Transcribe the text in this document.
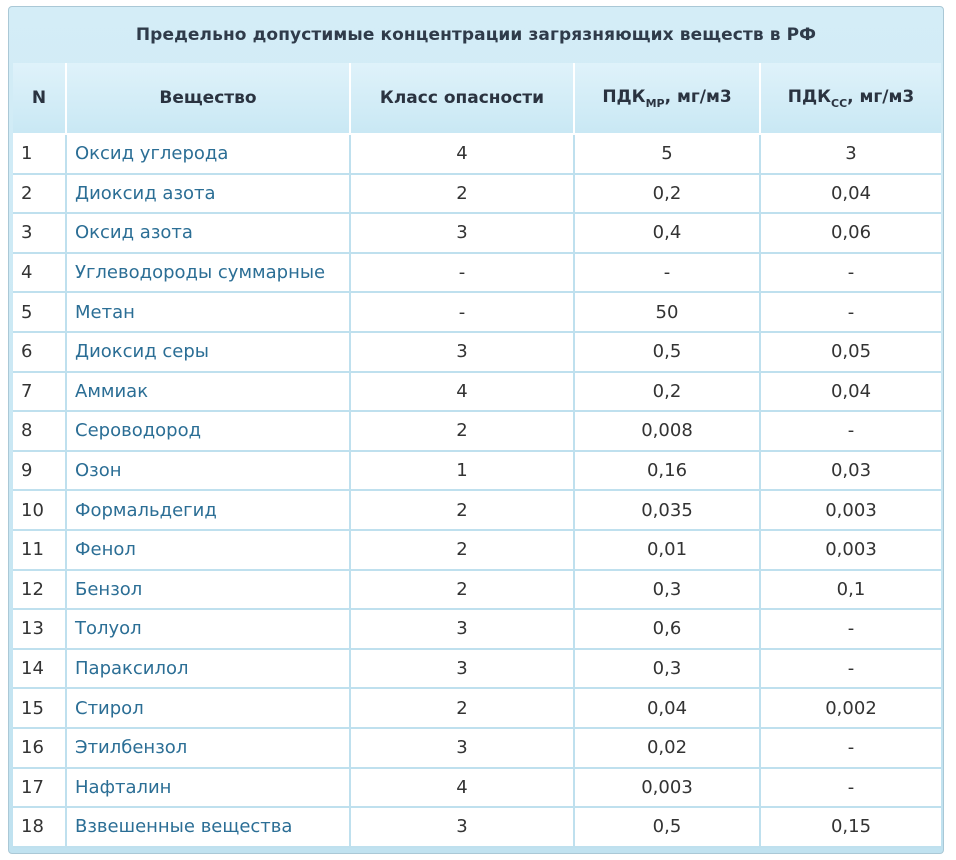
Предельно допустимые концентрации загрязняющих веществ в РФ
N	Вещество	Класс опасности	$ПДК_{МР}$, мг/м3	$ПДК_{СС}$, мг/м3
1	Оксид углерода	4	5	3
2	Диоксид азота	2	0,2	0,04
3	Оксид азота	3	0,4	0,06
4	Углеводороды суммарные	-	-	-
5	Метан	-	50	-
6	Диоксид серы	3	0,5	0,05
7	Аммиак	4	0,2	0,04
8	Сероводород	2	0,008	-
9	Озон	1	0,16	0,03
10	Формальдегид	2	0,035	0,003
11	Фенол	2	0,01	0,003
12	Бензол	2	0,3	0,1
13	Толуол	3	0,6	-
14	Параксилол	3	0,3	-
15	Стирол	2	0,04	0,002
16	Этилбензол	3	0,02	-
17	Нафталин	4	0,003	-
18	Взвешенные вещества	3	0,5	0,15
